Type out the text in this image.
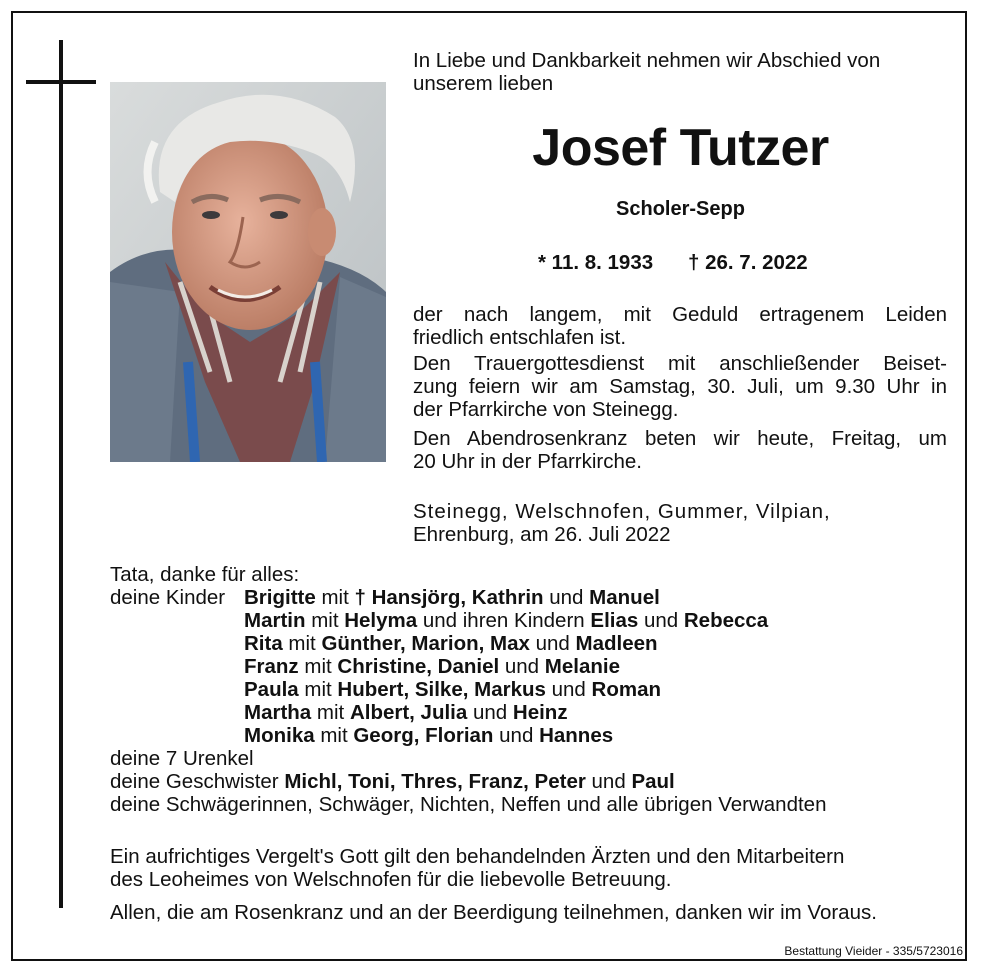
In Liebe und Dankbarkeit nehmen wir Abschied von
unserem lieben
Josef Tutzer
Scholer-Sepp
* 11. 8. 1933 † 26. 7. 2022
der nach langem, mit Geduld ertragenem Leiden
friedlich entschlafen ist.
Den Trauergottesdienst mit anschließender Beiset-
zung feiern wir am Samstag, 30. Juli, um 9.30 Uhr in
der Pfarrkirche von Steinegg.
Den Abendrosenkranz beten wir heute, Freitag, um
20 Uhr in der Pfarrkirche.
Steinegg, Welschnofen, Gummer, Vilpian,
Ehrenburg, am 26. Juli 2022
Tata, danke für alles:
deine Kinder Brigitte mit † Hansjörg, Kathrin und Manuel
Martin mit Helyma und ihren Kindern Elias und Rebecca
Rita mit Günther, Marion, Max und Madleen
Franz mit Christine, Daniel und Melanie
Paula mit Hubert, Silke, Markus und Roman
Martha mit Albert, Julia und Heinz
Monika mit Georg, Florian und Hannes
deine 7 Urenkel
deine Geschwister Michl, Toni, Thres, Franz, Peter und Paul
deine Schwägerinnen, Schwäger, Nichten, Neffen und alle übrigen Verwandten
Ein aufrichtiges Vergelt's Gott gilt den behandelnden Ärzten und den Mitarbeitern
des Leoheimes von Welschnofen für die liebevolle Betreuung.
Allen, die am Rosenkranz und an der Beerdigung teilnehmen, danken wir im Voraus.
Bestattung Vieider - 335/5723016
